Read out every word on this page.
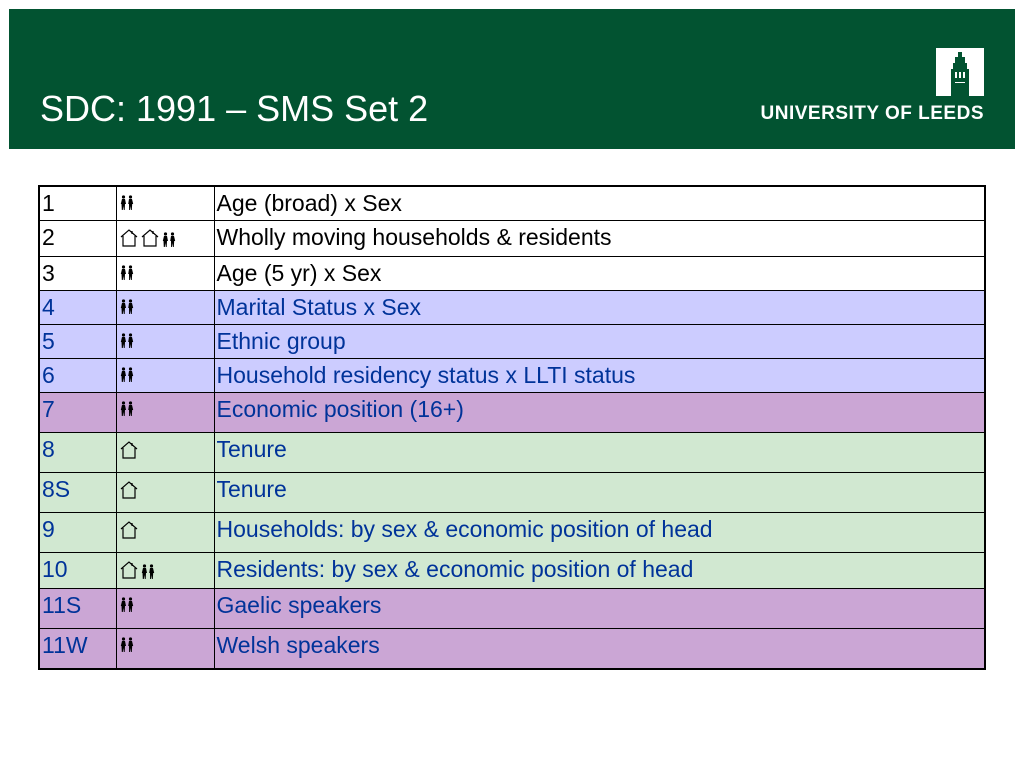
SDC: 1991 – SMS Set 2	UNIVERSITY OF LEEDS
1		Age (broad) x Sex
2		Wholly moving households & residents
3		Age (5 yr) x Sex
4		Marital Status x Sex
5		Ethnic group
6		Household residency status x LLTI status
7		Economic position (16+)
8		Tenure
8S		Tenure
9		Households: by sex & economic position of head
10		Residents: by sex & economic position of head
11S		Gaelic speakers
11W		Welsh speakers
